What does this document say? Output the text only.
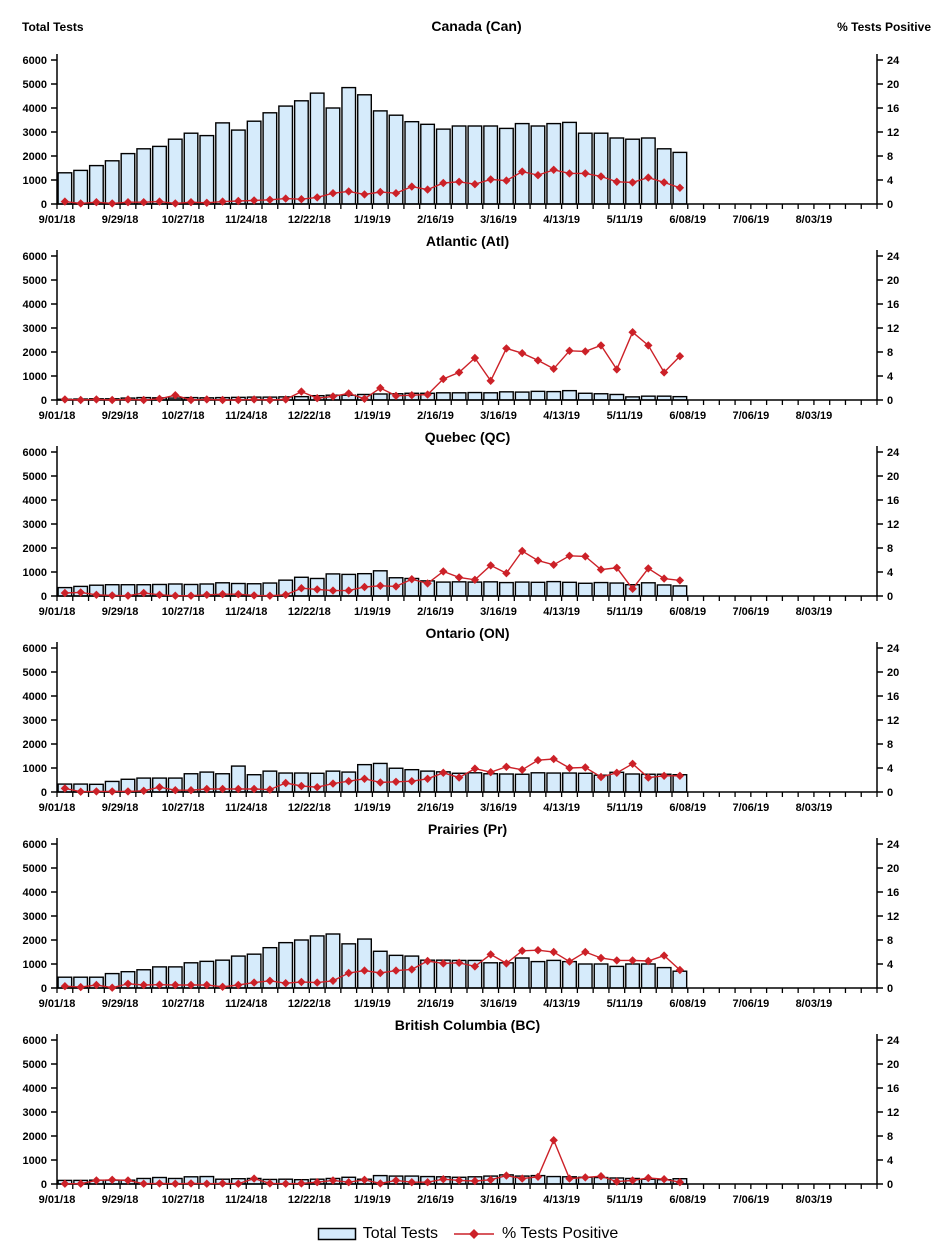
Total Tests	Canada (Can)	% Tests Positive
0
1000
2000
3000
4000
5000
6000
0
4
8
12
16
20
24
9/01/18 9/29/18 10/27/18 11/24/18 12/22/18 1/19/19 2/16/19 3/16/19 4/13/19 5/11/19 6/08/19 7/06/19 8/03/19
Atlantic (Atl)
0
1000
2000
3000
4000
5000
6000
0
4
8
12
16
20
24
9/01/18 9/29/18 10/27/18 11/24/18 12/22/18 1/19/19 2/16/19 3/16/19 4/13/19 5/11/19 6/08/19 7/06/19 8/03/19
Quebec (QC)
0
1000
2000
3000
4000
5000
6000
0
4
8
12
16
20
24
9/01/18 9/29/18 10/27/18 11/24/18 12/22/18 1/19/19 2/16/19 3/16/19 4/13/19 5/11/19 6/08/19 7/06/19 8/03/19
Ontario (ON)
0
1000
2000
3000
4000
5000
6000
0
4
8
12
16
20
24
9/01/18 9/29/18 10/27/18 11/24/18 12/22/18 1/19/19 2/16/19 3/16/19 4/13/19 5/11/19 6/08/19 7/06/19 8/03/19
Prairies (Pr)
0
1000
2000
3000
4000
5000
6000
0
4
8
12
16
20
24
9/01/18 9/29/18 10/27/18 11/24/18 12/22/18 1/19/19 2/16/19 3/16/19 4/13/19 5/11/19 6/08/19 7/06/19 8/03/19
British Columbia (BC)
0
1000
2000
3000
4000
5000
6000
0
4
8
12
16
20
24
9/01/18 9/29/18 10/27/18 11/24/18 12/22/18 1/19/19 2/16/19 3/16/19 4/13/19 5/11/19 6/08/19 7/06/19 8/03/19
Total Tests	% Tests Positive
